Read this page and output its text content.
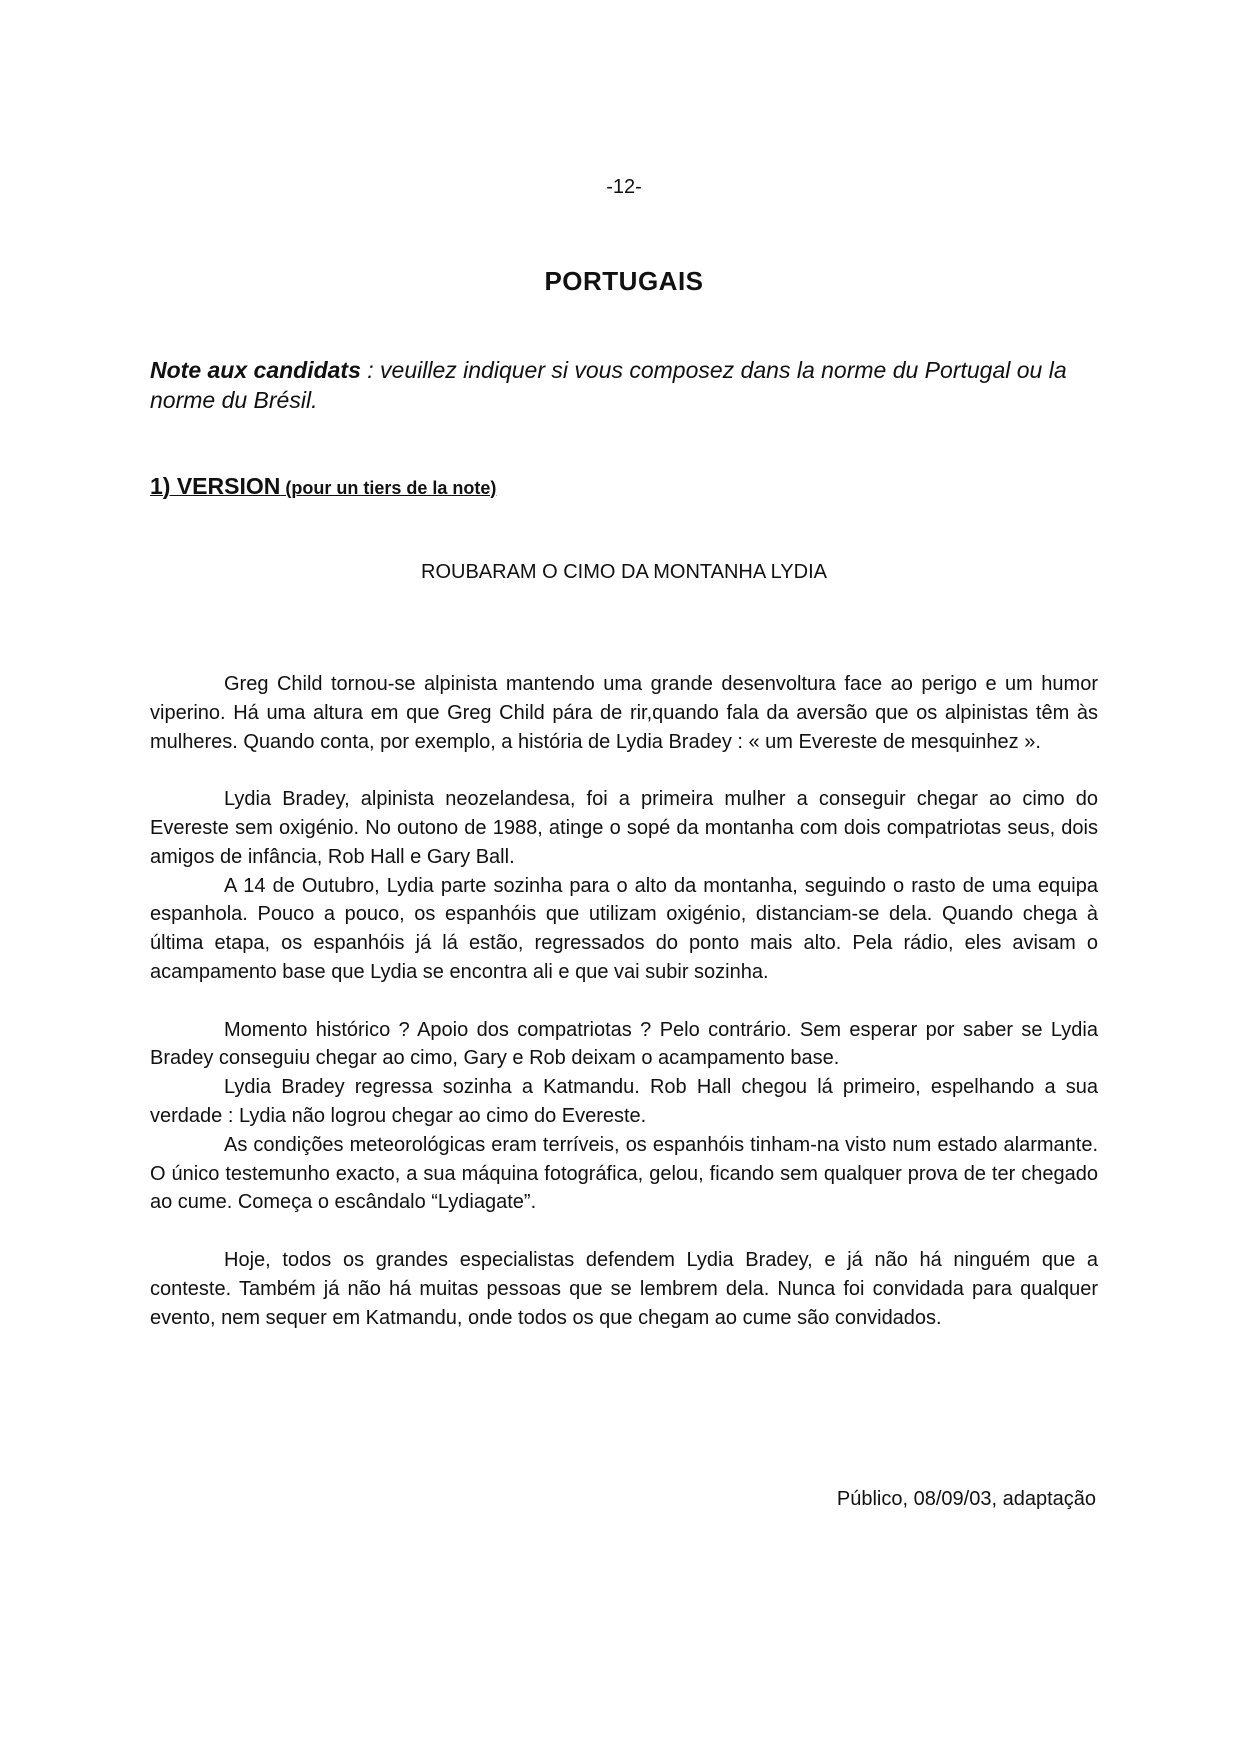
-12-
PORTUGAIS
Note aux candidats : veuillez indiquer si vous composez dans la norme du Portugal ou la norme du Brésil.
1) VERSION (pour un tiers de la note)
ROUBARAM O CIMO DA MONTANHA LYDIA

Greg Child tornou-se alpinista mantendo uma grande desenvoltura face ao perigo e um humor viperino. Há uma altura em que Greg Child pára de rir,quando fala da aversão que os alpinistas têm às mulheres. Quando conta, por exemplo, a história de Lydia Bradey : « um Evereste de mesquinhez ».

Lydia Bradey, alpinista neozelandesa, foi a primeira mulher a conseguir chegar ao cimo do Evereste sem oxigénio. No outono de 1988, atinge o sopé da montanha com dois compatriotas seus, dois amigos de infância, Rob Hall e Gary Ball.

A 14 de Outubro, Lydia parte sozinha para o alto da montanha, seguindo o rasto de uma equipa espanhola. Pouco a pouco, os espanhóis que utilizam oxigénio, distanciam-se dela. Quando chega à última etapa, os espanhóis já lá estão, regressados do ponto mais alto. Pela rádio, eles avisam o acampamento base que Lydia se encontra ali e que vai subir sozinha.

Momento histórico ? Apoio dos compatriotas ? Pelo contrário. Sem esperar por saber se Lydia Bradey conseguiu chegar ao cimo, Gary e Rob deixam o acampamento base.

Lydia Bradey regressa sozinha a Katmandu. Rob Hall chegou lá primeiro, espelhando a sua verdade : Lydia não logrou chegar ao cimo do Evereste.

As condições meteorológicas eram terríveis, os espanhóis tinham-na visto num estado alarmante. O único testemunho exacto, a sua máquina fotográfica, gelou, ficando sem qualquer prova de ter chegado ao cume. Começa o escândalo “Lydiagate”.

Hoje, todos os grandes especialistas defendem Lydia Bradey, e já não há ninguém que a conteste. Também já não há muitas pessoas que se lembrem dela. Nunca foi convidada para qualquer evento, nem sequer em Katmandu, onde todos os que chegam ao cume são convidados.

Público, 08/09/03, adaptação
